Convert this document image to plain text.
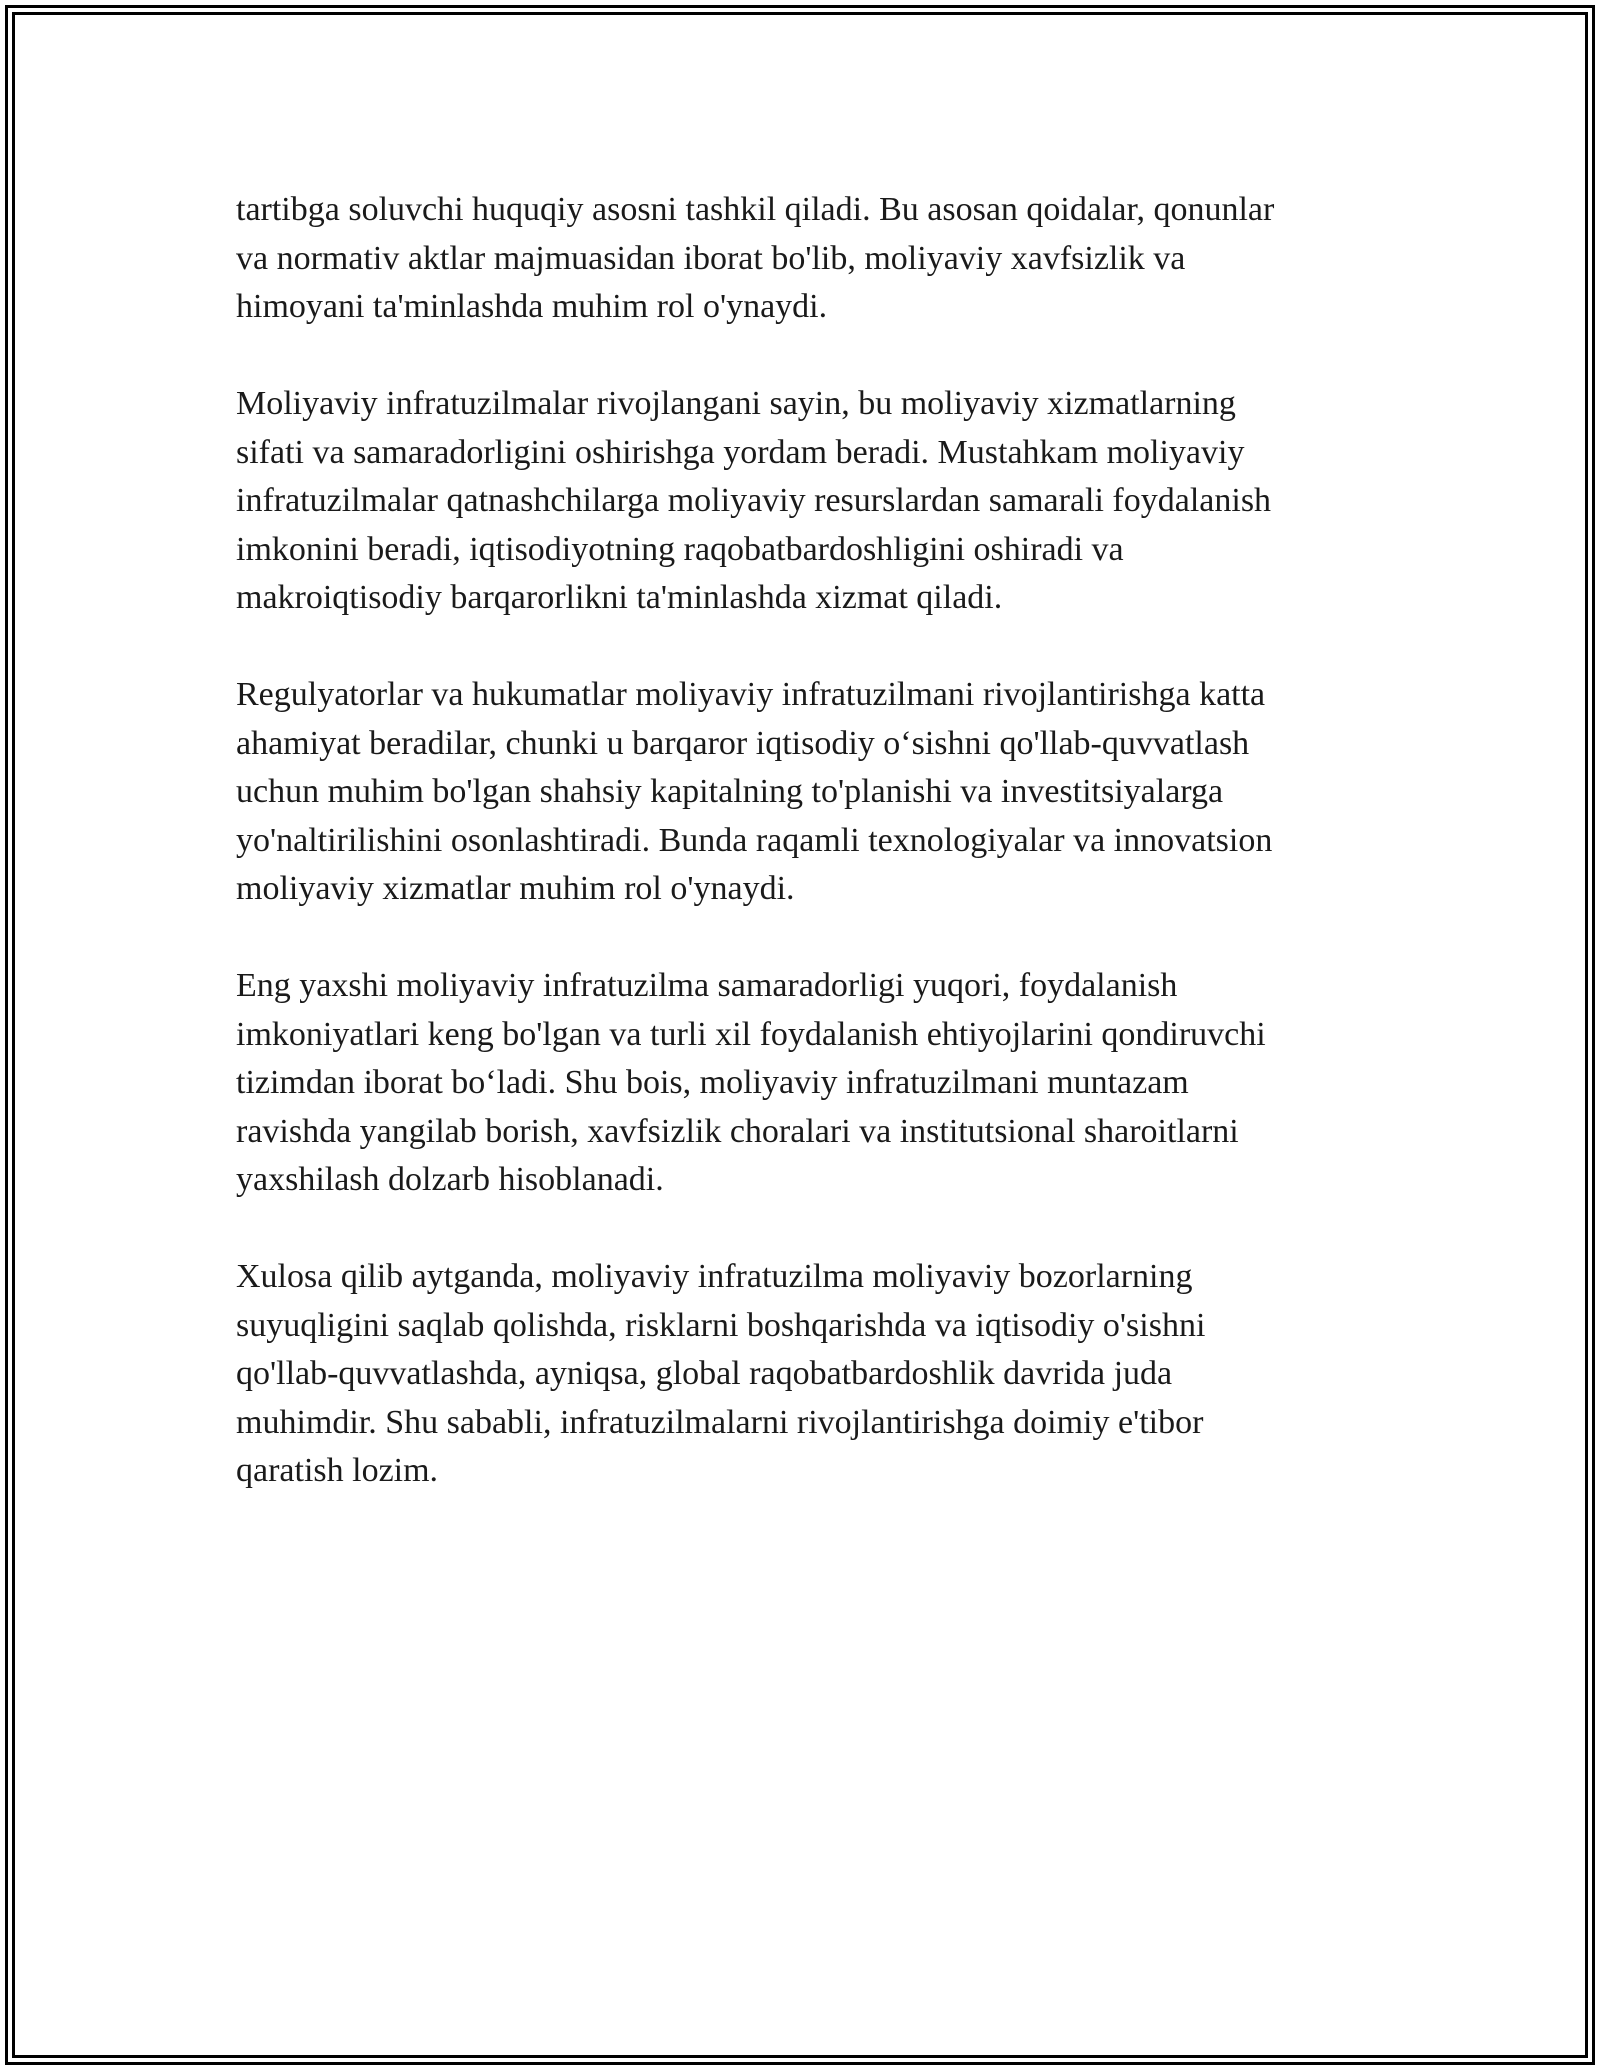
tartibga soluvchi huquqiy asosni tashkil qiladi. Bu asosan qoidalar, qonunlar
va normativ aktlar majmuasidan iborat bo'lib, moliyaviy xavfsizlik va
himoyani ta'minlashda muhim rol o'ynaydi.

Moliyaviy infratuzilmalar rivojlangani sayin, bu moliyaviy xizmatlarning
sifati va samaradorligini oshirishga yordam beradi. Mustahkam moliyaviy
infratuzilmalar qatnashchilarga moliyaviy resurslardan samarali foydalanish
imkonini beradi, iqtisodiyotning raqobatbardoshligini oshiradi va
makroiqtisodiy barqarorlikni ta'minlashda xizmat qiladi.

Regulyatorlar va hukumatlar moliyaviy infratuzilmani rivojlantirishga katta
ahamiyat beradilar, chunki u barqaror iqtisodiy o‘sishni qo'llab-quvvatlash
uchun muhim bo'lgan shahsiy kapitalning to'planishi va investitsiyalarga
yo'naltirilishini osonlashtiradi. Bunda raqamli texnologiyalar va innovatsion
moliyaviy xizmatlar muhim rol o'ynaydi.

Eng yaxshi moliyaviy infratuzilma samaradorligi yuqori, foydalanish
imkoniyatlari keng bo'lgan va turli xil foydalanish ehtiyojlarini qondiruvchi
tizimdan iborat bo‘ladi. Shu bois, moliyaviy infratuzilmani muntazam
ravishda yangilab borish, xavfsizlik choralari va institutsional sharoitlarni
yaxshilash dolzarb hisoblanadi.

Xulosa qilib aytganda, moliyaviy infratuzilma moliyaviy bozorlarning
suyuqligini saqlab qolishda, risklarni boshqarishda va iqtisodiy o'sishni
qo'llab-quvvatlashda, ayniqsa, global raqobatbardoshlik davrida juda
muhimdir. Shu sababli, infratuzilmalarni rivojlantirishga doimiy e'tibor
qaratish lozim.
